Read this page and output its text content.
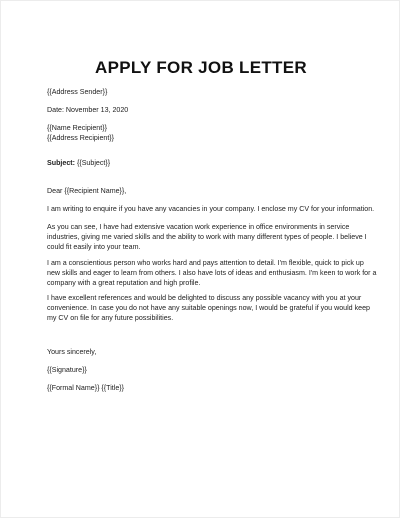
APPLY FOR JOB LETTER
{{Address Sender}}
Date: November 13, 2020
{{Name Recipient}}
{{Address Recipient}}
Subject: {{Subject}}
Dear {{Recipient Name}},
I am writing to enquire if you have any vacancies in your company. I enclose my CV for your information.
As you can see, I have had extensive vacation work experience in office environments in service
industries, giving me varied skills and the ability to work with many different types of people. I believe I
could fit easily into your team.
I am a conscientious person who works hard and pays attention to detail. I'm flexible, quick to pick up
new skills and eager to learn from others. I also have lots of ideas and enthusiasm. I'm keen to work for a
company with a great reputation and high profile.
I have excellent references and would be delighted to discuss any possible vacancy with you at your
convenience. In case you do not have any suitable openings now, I would be grateful if you would keep
my CV on file for any future possibilities.
Yours sincerely,
{{Signature}}
{{Formal Name}} {{Title}}
